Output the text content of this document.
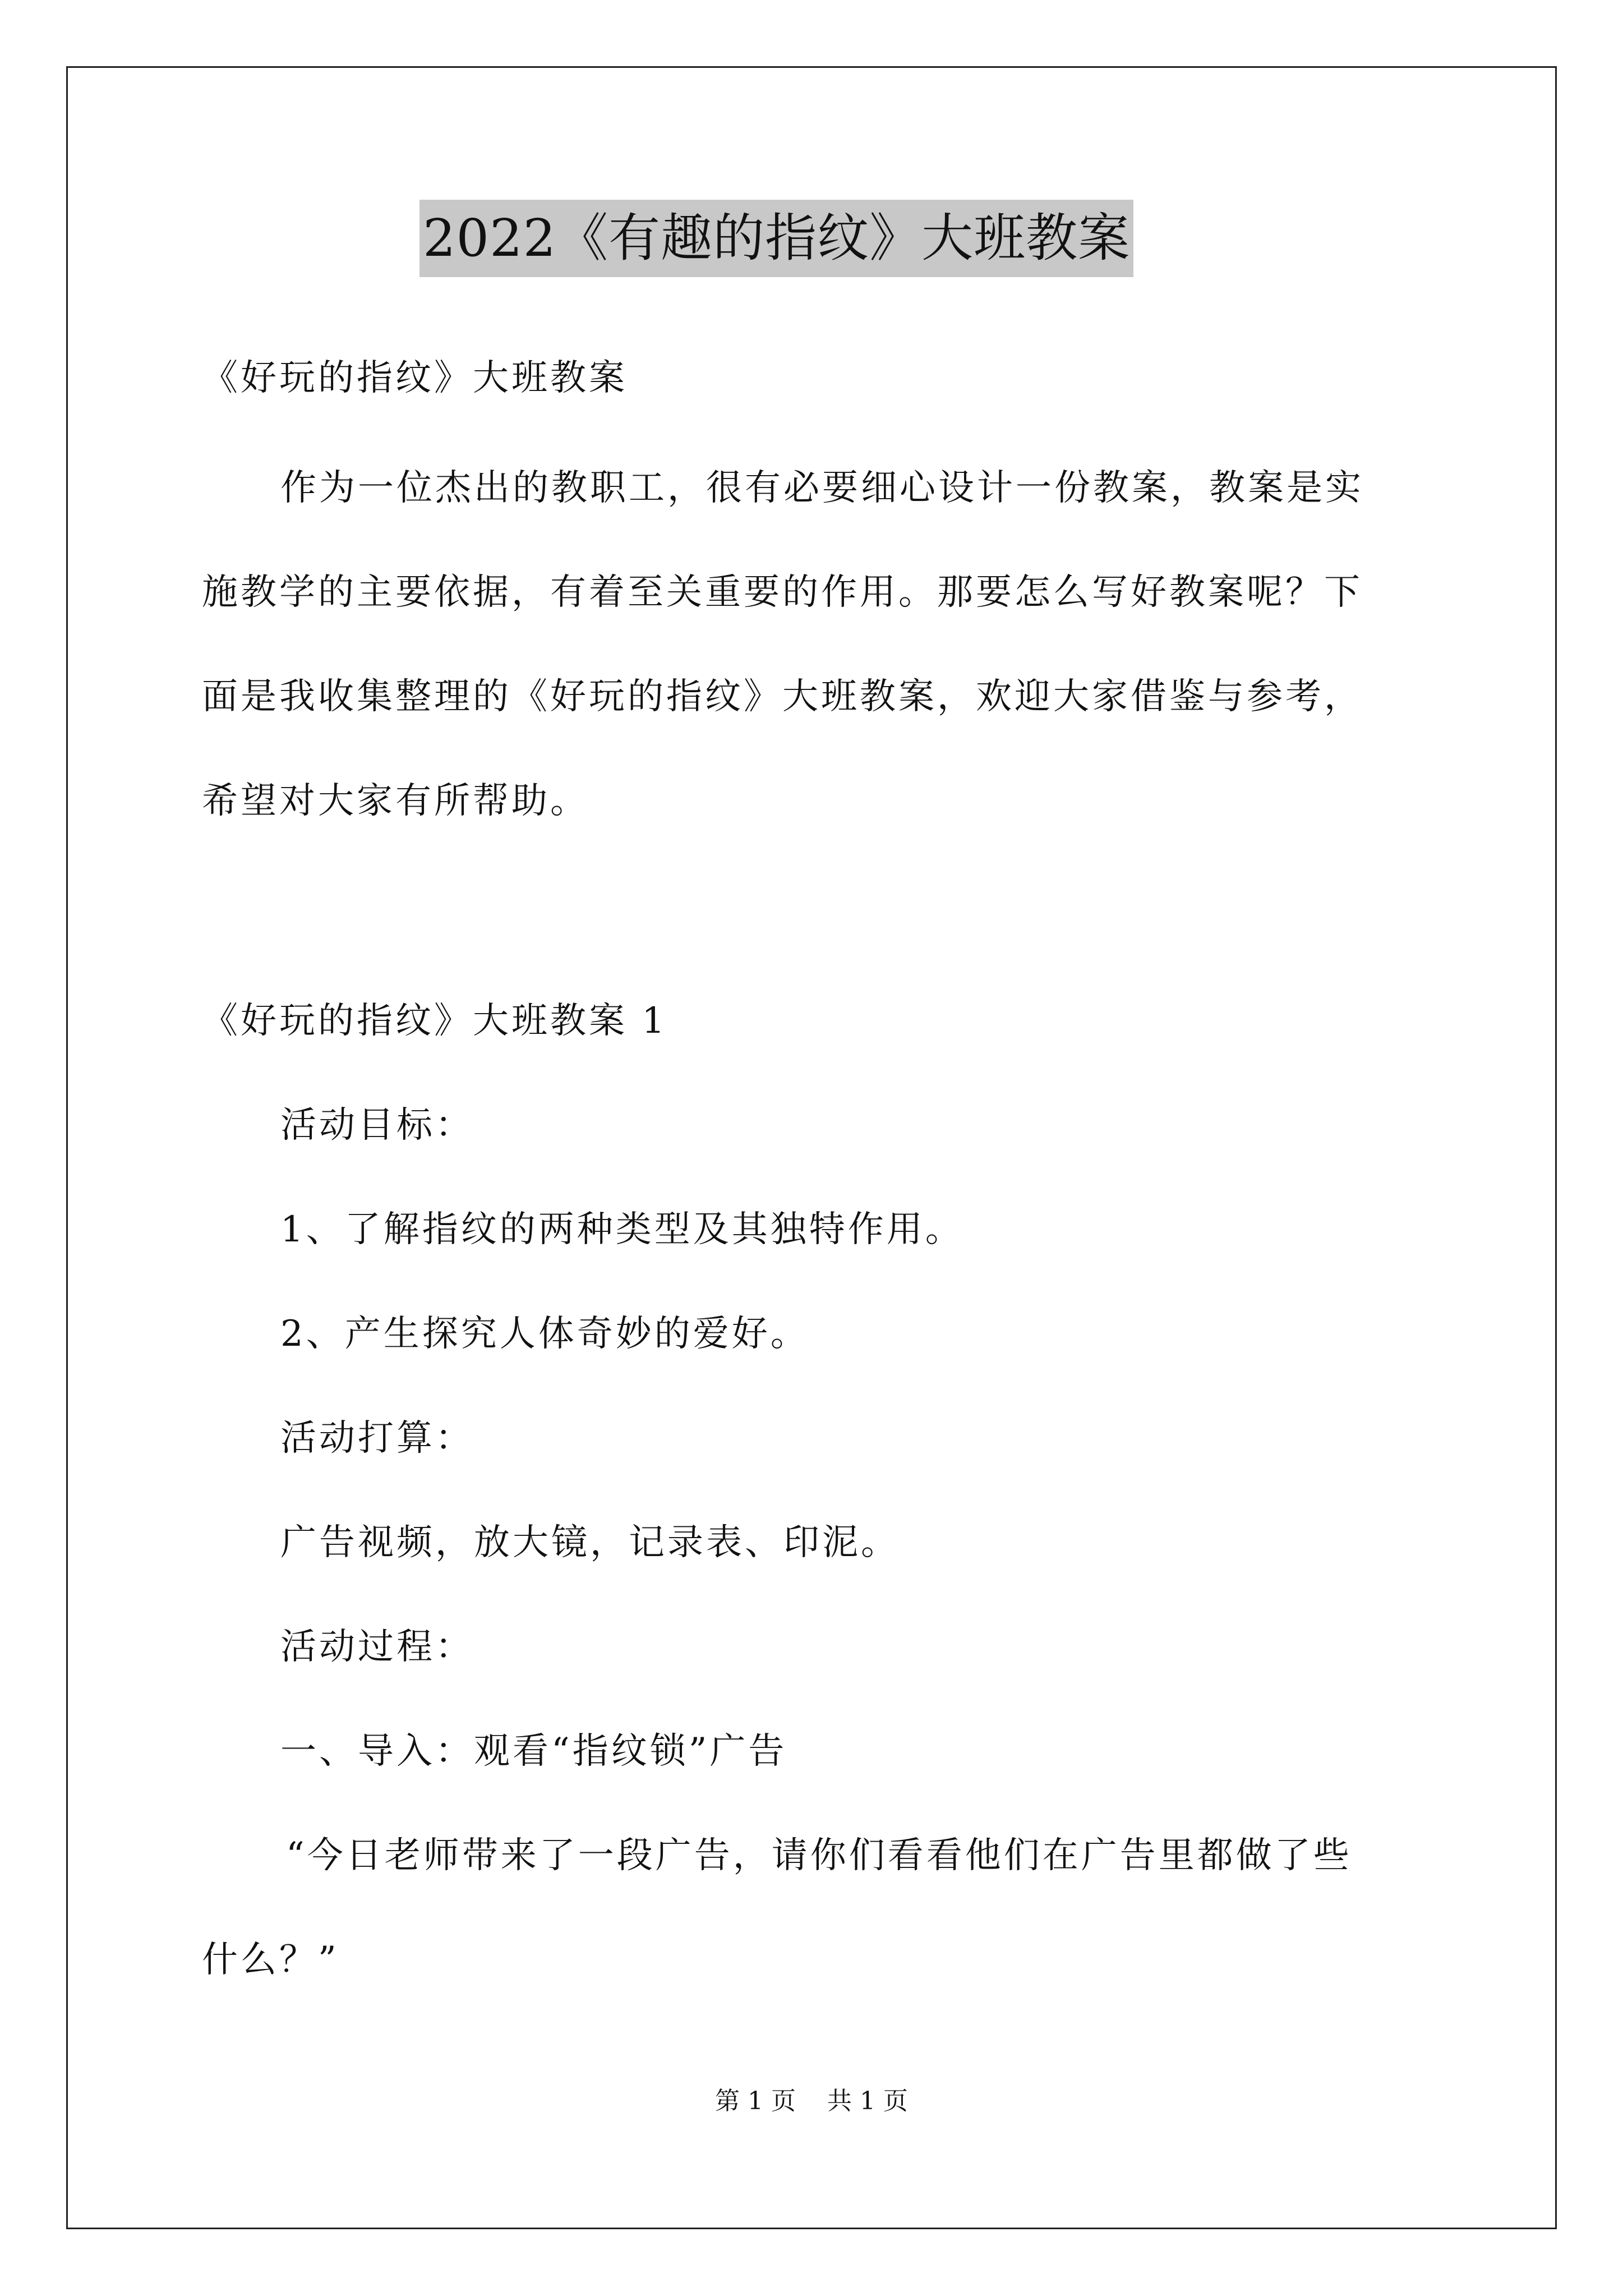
2022《有趣的指纹》大班教案
《好玩的指纹》大班教案
作为一位杰出的教职工，很有必要细心设计一份教案，教案是实
施教学的主要依据，有着至关重要的作用。那要怎么写好教案呢？下
面是我收集整理的《好玩的指纹》大班教案，欢迎大家借鉴与参考，
希望对大家有所帮助。
《好玩的指纹》大班教案 1
活动目标：
1、了解指纹的两种类型及其独特作用。
2、产生探究人体奇妙的爱好。
活动打算：
广告视频，放大镜，记录表、印泥。
活动过程：
一、导入：观看“指纹锁”广告
“今日老师带来了一段广告，请你们看看他们在广告里都做了些
什么？”
第 1 页    共 1 页
